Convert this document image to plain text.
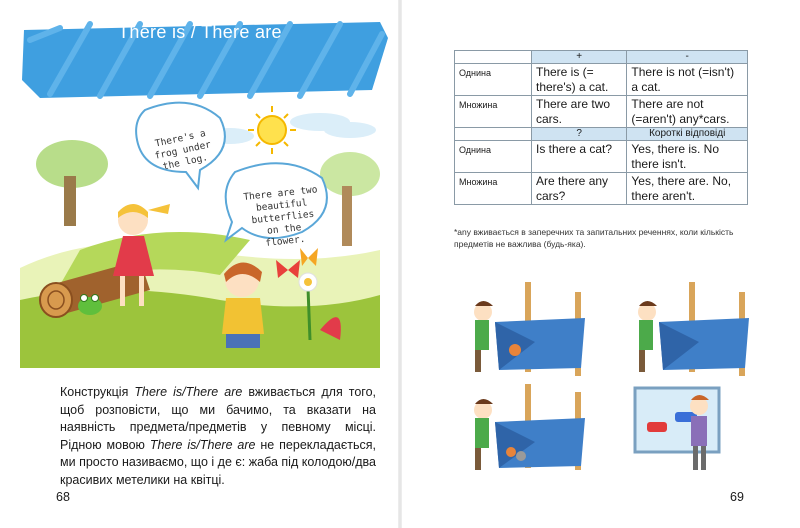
There is / There are
There's a frog under the log.
There are two beautiful butterflies on the flower.
Конструкція There is/There are вживається для того, щоб розповісти, що ми бачимо, та вказати на наявність предмета/предметів у певному місці. Рідною мовою There is/There are не перекладається, ми просто називаємо, що і де є: жаба під колодою/два красивих метелики на квітці.
68
	+	-
Однина	There is (= there's) a cat.	There is not (=isn't) a cat.
Множина	There are two cars.	There are not (=aren't) any*cars.
	?	Короткі відповіді
Однина	Is there a cat?	Yes, there is. No there isn't.
Множина	Are there any cars?	Yes, there are. No, there aren't.
*any вживається в заперечних та запитальних реченнях, коли кількість предметів не важлива (будь-яка).
69
